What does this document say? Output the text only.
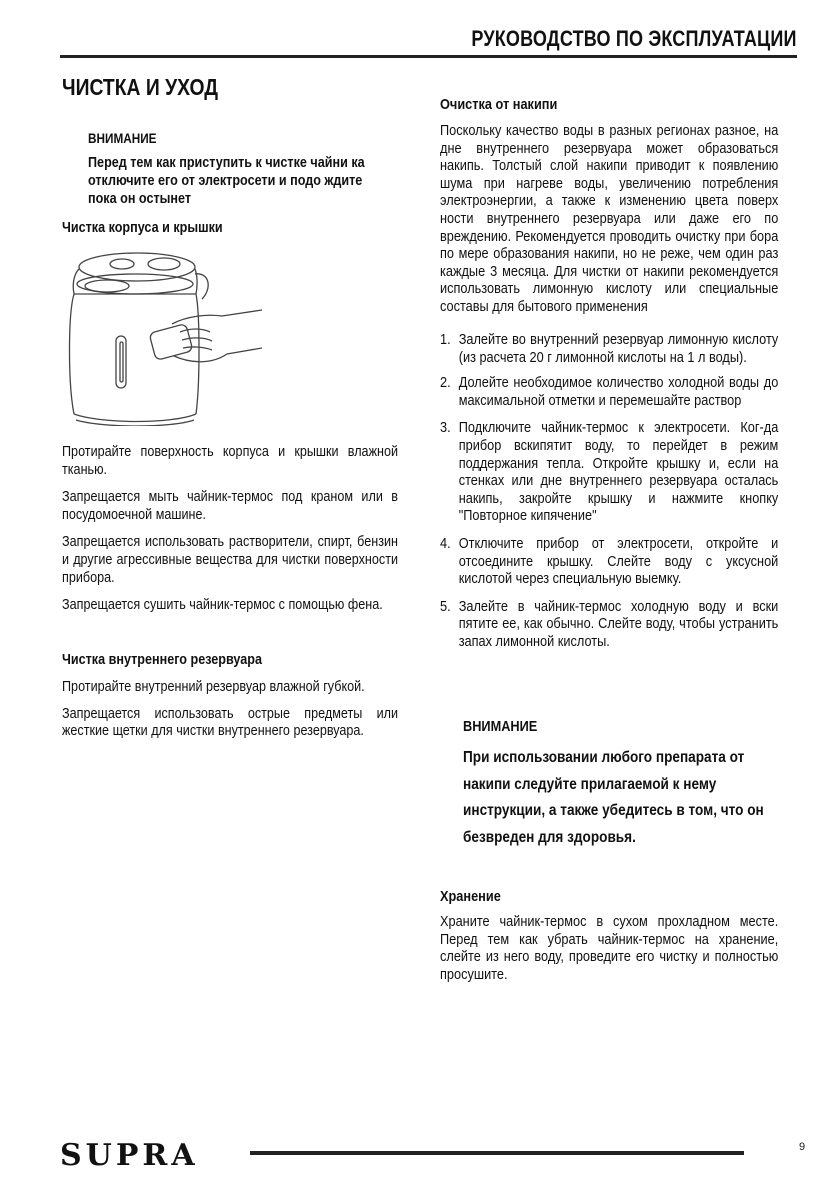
РУКОВОДСТВО ПО ЭКСПЛУАТАЦИИ
ЧИСТКА И УХОД
ВНИМАНИЕ
Перед тем как приступить к чистке чайни ка отключите его от электросети и подо ждите пока он остынет
Чистка корпуса и крышки

Протирайте поверхность корпуса и крышки влажной тканью.

Запрещается мыть чайник-термос под краном или в посудомоечной машине.

Запрещается использовать растворители, спирт, бензин и другие агрессивные вещества для чистки поверхности прибора.

Запрещается сушить чайник-термос с помощью фена.

Чистка внутреннего резервуара

Протирайте внутренний резервуар влажной губкой.

Запрещается использовать острые предметы или жесткие щетки для чистки внутреннего резервуара.

Очистка от накипи

Поскольку качество воды в разных регионах разное, на дне внутреннего резервуара может образоваться накипь. Толстый слой накипи приводит к появлению шума при нагреве воды, увеличению потребления электроэнергии, а также к изменению цвета поверх ности внутреннего резервуара или даже его по вреждению. Рекомендуется проводить очистку при бора по мере образования накипи, но не реже, чем один раз каждые 3 месяца. Для чистки от накипи рекомендуется использовать лимонную кислоту или специальные составы для бытового применения

1. Залейте во внутренний резервуар лимонную кислоту (из расчета 20 г лимонной кислоты на 1 л воды).
2. Долейте необходимое количество холодной воды до максимальной отметки и перемешайте раствор
3. Подключите чайник-термос к электросети. Ког-да прибор вскипятит воду, то перейдет в режим поддержания тепла. Откройте крышку и, если на стенках или дне внутреннего резервуара осталась накипь, закройте крышку и нажмите кнопку "Повторное кипячение"
4. Отключите прибор от электросети, откройте и отсоедините крышку. Слейте воду с уксусной кислотой через специальную выемку.
5. Залейте в чайник-термос холодную воду и вски пятите ее, как обычно. Слейте воду, чтобы устранить запах лимонной кислоты.
ВНИМАНИЕ
При использовании любого препарата от накипи следуйте прилагаемой к нему инструкции, а также убедитесь в том, что он безвреден для здоровья.
Хранение

Храните чайник-термос в сухом прохладном месте. Перед тем как убрать чайник-термос на хранение, слейте из него воду, проведите его чистку и полностью просушите.

SUPRA	9
